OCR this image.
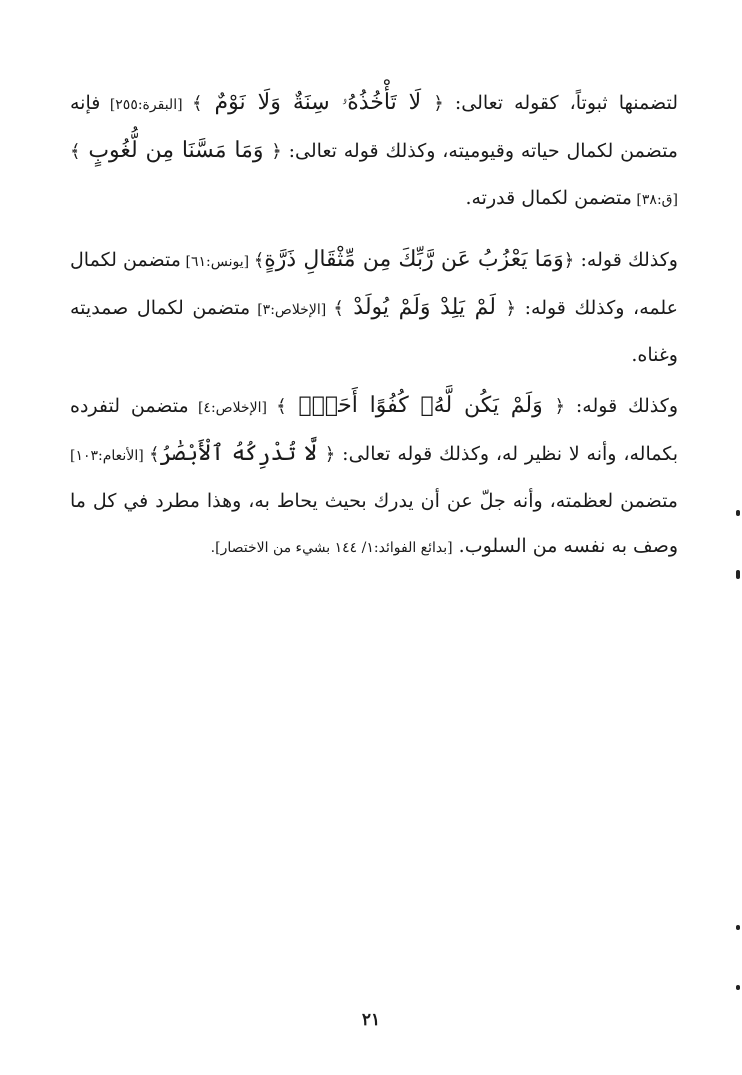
لتضمنها ثبوتاً، كقوله تعالى: ﴿ لَا تَأْخُذُهُۥ سِنَةٌ وَلَا نَوْمٌ ﴾ [البقرة:٢٥٥] فإنه متضمن لكمال حياته وقيوميته، وكذلك قوله تعالى: ﴿ وَمَا مَسَّنَا مِن لُّغُوبٍ ﴾ [ق:٣٨] متضمن لكمال قدرته.

وكذلك قوله: ﴿وَمَا يَعْزُبُ عَن رَّبِّكَ مِن مِّثْقَالِ ذَرَّةٍ﴾ [يونس:٦١] متضمن لكمال علمه، وكذلك قوله: ﴿ لَمْ يَلِدْ وَلَمْ يُولَدْ ﴾ [الإخلاص:٣] متضمن لكمال صمديته وغناه.

وكذلك قوله: ﴿ وَلَمْ يَكُن لَّهُۥ كُفُوًا أَحَدٌۢ ﴾ [الإخلاص:٤] متضمن لتفرده بكماله، وأنه لا نظير له، وكذلك قوله تعالى: ﴿ لَّا تُدْرِكُهُ ٱلْأَبْصَٰرُ﴾ [الأنعام:١٠٣] متضمن لعظمته، وأنه جلّ عن أن يدرك بحيث يحاط به، وهذا مطرد في كل ما وصف به نفسه من السلوب. [بدائع الفوائد:١/ ١٤٤ بشيء من الاختصار].

٢١
